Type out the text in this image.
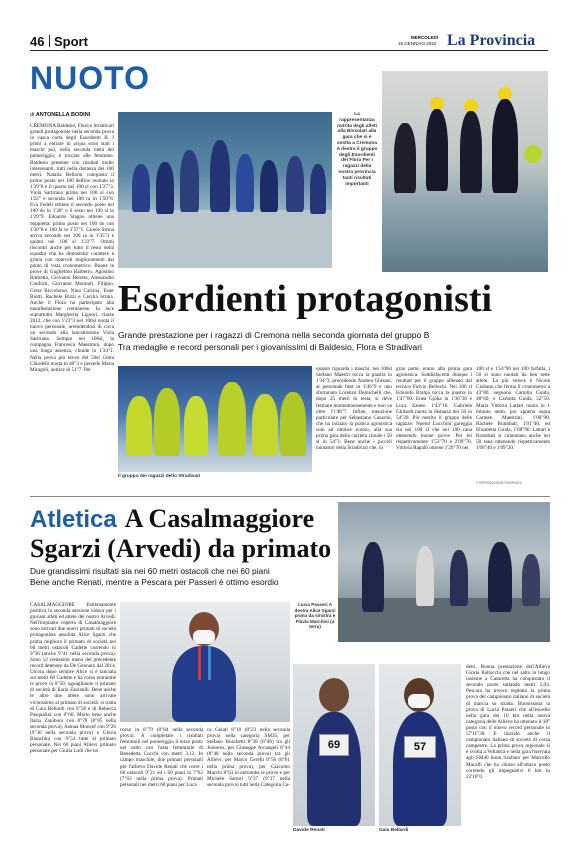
46 Sport	MERCOLEDÌ
19 GENNAIO 2022 La Provincia
NUOTO
di ANTONELLA BODINI
CREMONA Baldesio, Flora e Stradivari grandi protagoniste nella seconda prova in vasca corta degli Esordienti B. I primi a entrare in acqua sono stati i maschi poi, nella seconda metà del pomeriggio, è toccato alle femmine. Baldesio presente con risultati molto interessanti, tutti nella distanza dei 100 metri. Natalia Bellomi conquista il primo posto nei 100 delfino nuotato in 1'39"8 e il quarto nei 100 sl con 1'27"3. Viola Sartirana prima nei 100 sl con 1'22" e seconda nei 100 ra in 1'50"8. Eva Fedeli ottiene il secondo posto nei 100 do in 1'38" e il sesto nei 100 sl in 1'29"9. Edoardo Stagno ottiene una doppietta: primo posto nei 100 do con 1'30"8 e 100 fa in 1'37"1. Gioele Strina arriva secondo nei 100 ra in 1'45"3 e quinto nei 100 sl 1'22"7. Ottimi riscontri anche per tutto il resto della squadra che ha dimostrato carattere e grinta con notevoli miglioramenti dal punto di vista cronometrico. Buone le prove di Guglielmo Barberio, Agostino Barbotta, Giovanni Beretta, Alessandro Conforti, Giovanni Morandi, Filippo, Greta Riccobono, Nina Calcina, Ester Biotti, Rachele Rizzi e Cecilia Strina. Anche il Flora ha partecipato alla manifestazione cremonese. In luce soprattutto Margherita Liguori, classe 2012, che con 1'23"3 nel 100sl nuota il nuovo personale, arrendendosi di circa un secondo alla lanciatissima Viola Sartirana. Sempre nei 100sl, la compagna Francesca Maestroni, dopo una lunga assenza, chiude in 1'34"1. Nella prova più breve del 50sl Greta Chiodelli nuota in 46"3 e precede Maria Miragoli, autrice di 51"7. Per
La rappresentanza nutrita degli atleti alla Bissolati alla gara che si è svolta a Cremona A destra il gruppo degli Esordienti del Flora Per i ragazzi della nostra provincia tanti risultati importanti
Esordienti protagonisti
Grande prestazione per i ragazzi di Cremona nella seconda giornata del gruppo B
Tra medaglie e record personali per i giovanissimi di Baldesio, Flora e Stradivari
Il gruppo dei ragazzi dello Stradivari
quanto riguarda i maschi, nei 100sl Stefano Maestri tocca la piastra in 1'34"3, precedendo Andrea Ghisani, al personale best in 1'46"9 e uno sfortunato Lorenzo Demichelli che, dopo 25 metri in testa, si deve fermare momentaneamente e non va oltre l'1'48"7. Infine, menzione particolare per Sebastiano Casarini, che ha iniziato la pratica agonistica solo ad ottobre scorso, alla sua prima gara della carriera chiude i 50 sl in 54"3. Bene anche i piccoli nuotatori della Stradivari che, in
gran parte, erano alla prima gara agonistica. Soddisfacenti dunque i risultati per il gruppo allenato dal tecnico Fulvio Bellochi. Nei 100 sl Edoardo Brahja tocca la piastra in 1'47"60. Enea Gjoka in 1'36"30 e Luca Zanesi 1'43"10. Gabriele Ghilardi nuota la distanza dei 50 in 54"20. Più nutrito il gruppo delle ragazze: Noemi Lucchini gareggia sia nei 100 sl che nei 100 rana ottenendo buone prove. Per lei rispettivamente 1'53"70 e 2'09"70. Vittoria Rapalli ottiene 1'29"70 nei
100 sl e 1'54"90 nei 100 farfalla, i 50 sl sono nuotati da ben sette atlete. La più veloce è Nicole Ciobanu che ferma il cronometro a 43"80, seguono Camilla Guida, 48"60, e Carlotta Guida, 52"50. Maria Vittoria Lattari nuota in 1 minuto netto, poi appena sopra Carmen Maestrini, 1'00"90, Rachele Brambati, 1'01"40, ed Elisabetta Guida, 1'08"90. Lattari e Brambati si cimentano anche nei 50 rana ottenendo rispettivamente 1'08"40 e 1'09"20.
© RIPRODUZIONE RISERVATA
Atletica A Casalmaggiore
Sgarzi (Arvedi) da primato
Due grandissimi risultati sia nei 60 metri ostacoli che nei 60 piani
Bene anche Renati, mentre a Pescara per Passeri è ottimo esordio
CASALMAGGIORE Estremamente positiva la seconda sessione indoor per i giovani atleti ed atlete del nostro Arvedi. Nell'impianto coperto di Casalmaggiore sono arrivati due nuovi primati di società protagonista assoluta Alice Sgarzi che prima migliora il primato di società nei 60 metri ostacoli Cadette correndo in 9"36 (anche 9"41 nella seconda prova). Sono 12 centesimi meno del precedente record detenuto da De Gennaro dal 2014. Un'ora dopo sempre Alice si è lanciata sui metri 60 Cadette e ha corso entrambe le prove in 8"50, uguagliando il primato di società di Ilaria Zaninelli. Bene anche le altre due atlete sono arrivate vicinissimo al primato di società: si tratta di Gaia Bellardi con 8"58 e di Rebecca Pasqualini con 8"60. Molto bene anche Ilaria Zaniboni con 8"78 (8"85 nella seconda prova), Asmaa Moncef con 9"26 (9"30 nella seconda prova) e Gloria Bianchini con 9"54 tutte al primato personale. Nei 60 piani Allievi primato personale per Giulia Lodi che ha
corso in 8"79 (8"84 nella seconda prova). A completare i risultati femminili nel pomeriggio il terzo posto nel salto con l'asta femminile di Benedetta Cocchi con metri 3,12. In campo maschile, due primati personali per l'allievo Davide Renati che corre i 60 ostacoli 9"21 ed i 60 piani in 7"62 (7"63 nella prima prova). Primati personali nei metri 60 piani per Luca
ca Gelati 8"18 (8"23 nella seconda prova) nella categoria SM35, per Stefano Boschetti 8"38 (8"40) tra gli Juniores, per Giuseppe Arcangeli 8"44 (8"48 nella seconda prova) tra gli Allievi, per Marco Gerelli 8"56 (8"61 nella prima prova), per Giacomo Marchi 8"63 in entrambe le prove e per Michele Sartori 9"37 (9"37 nella seconda prova) tutti nella Categoria Ca-
Lucia Passeri A destra Alice Sgarzi prima da sinistra e Flavia Marchini (a terra)
69
Davide Renati
57
Gaia Bellardi
detti. Buona prestazione dell'Allieva Gloria Baltocchi che nel salto in lungo insieme a Casaretta ha conquistato il secondo posto saltando metri 5,03. Pescara ha invece ospitato la prima prova del campionato italiano di società di marcia su strada. Buonissima la prova di Lucia Passeri che all'esordio nella gara dei 10 km nella nuova categoria delle Allieve ha ottenuto il 18° posto con il nuovo record personale in 57'11"38. E iniziato anche il campionato italiano di società di corsa campestre. La prima prova regionale si è svolta a Vellatica e nella gara riservata agli SM40 buon risultato per Marcello Macalli che ha chiuso all'ottavo posto correndo gli impegnativi 6 km in 22'16"0.
